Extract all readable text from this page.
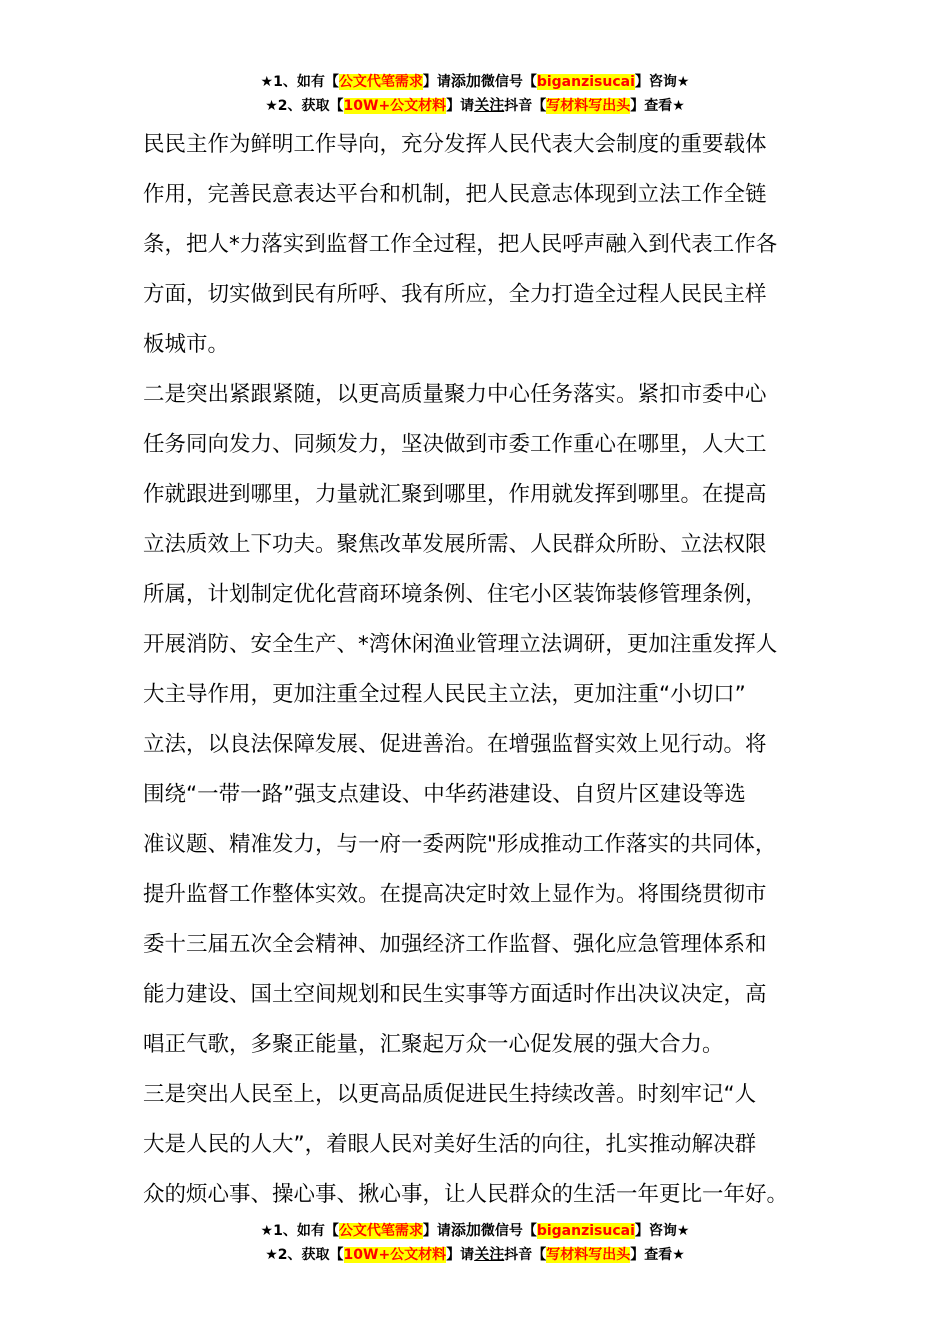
★1、如有【公文代笔需求】请添加微信号【biganzisucai】咨询★
★2、获取【10W+公文材料】请关注抖音【写材料写出头】查看★
民民主作为鲜明工作导向，充分发挥人民代表大会制度的重要载体
作用，完善民意表达平台和机制，把人民意志体现到立法工作全链
条，把人*力落实到监督工作全过程，把人民呼声融入到代表工作各
方面，切实做到民有所呼、我有所应，全力打造全过程人民民主样
板城市。
二是突出紧跟紧随，以更高质量聚力中心任务落实。紧扣市委中心
任务同向发力、同频发力，坚决做到市委工作重心在哪里，人大工
作就跟进到哪里，力量就汇聚到哪里，作用就发挥到哪里。在提高
立法质效上下功夫。聚焦改革发展所需、人民群众所盼、立法权限
所属，计划制定优化营商环境条例、住宅小区装饰装修管理条例，
开展消防、安全生产、*湾休闲渔业管理立法调研，更加注重发挥人
大主导作用，更加注重全过程人民民主立法，更加注重“小切口”
立法，以良法保障发展、促进善治。在增强监督实效上见行动。将
围绕“一带一路”强支点建设、中华药港建设、自贸片区建设等选
准议题、精准发力，与一府一委两院"形成推动工作落实的共同体，
提升监督工作整体实效。在提高决定时效上显作为。将围绕贯彻市
委十三届五次全会精神、加强经济工作监督、强化应急管理体系和
能力建设、国土空间规划和民生实事等方面适时作出决议决定，高
唱正气歌，多聚正能量，汇聚起万众一心促发展的强大合力。
三是突出人民至上，以更高品质促进民生持续改善。时刻牢记“人
大是人民的人大”，着眼人民对美好生活的向往，扎实推动解决群
众的烦心事、操心事、揪心事，让人民群众的生活一年更比一年好。
★1、如有【公文代笔需求】请添加微信号【biganzisucai】咨询★
★2、获取【10W+公文材料】请关注抖音【写材料写出头】查看★
